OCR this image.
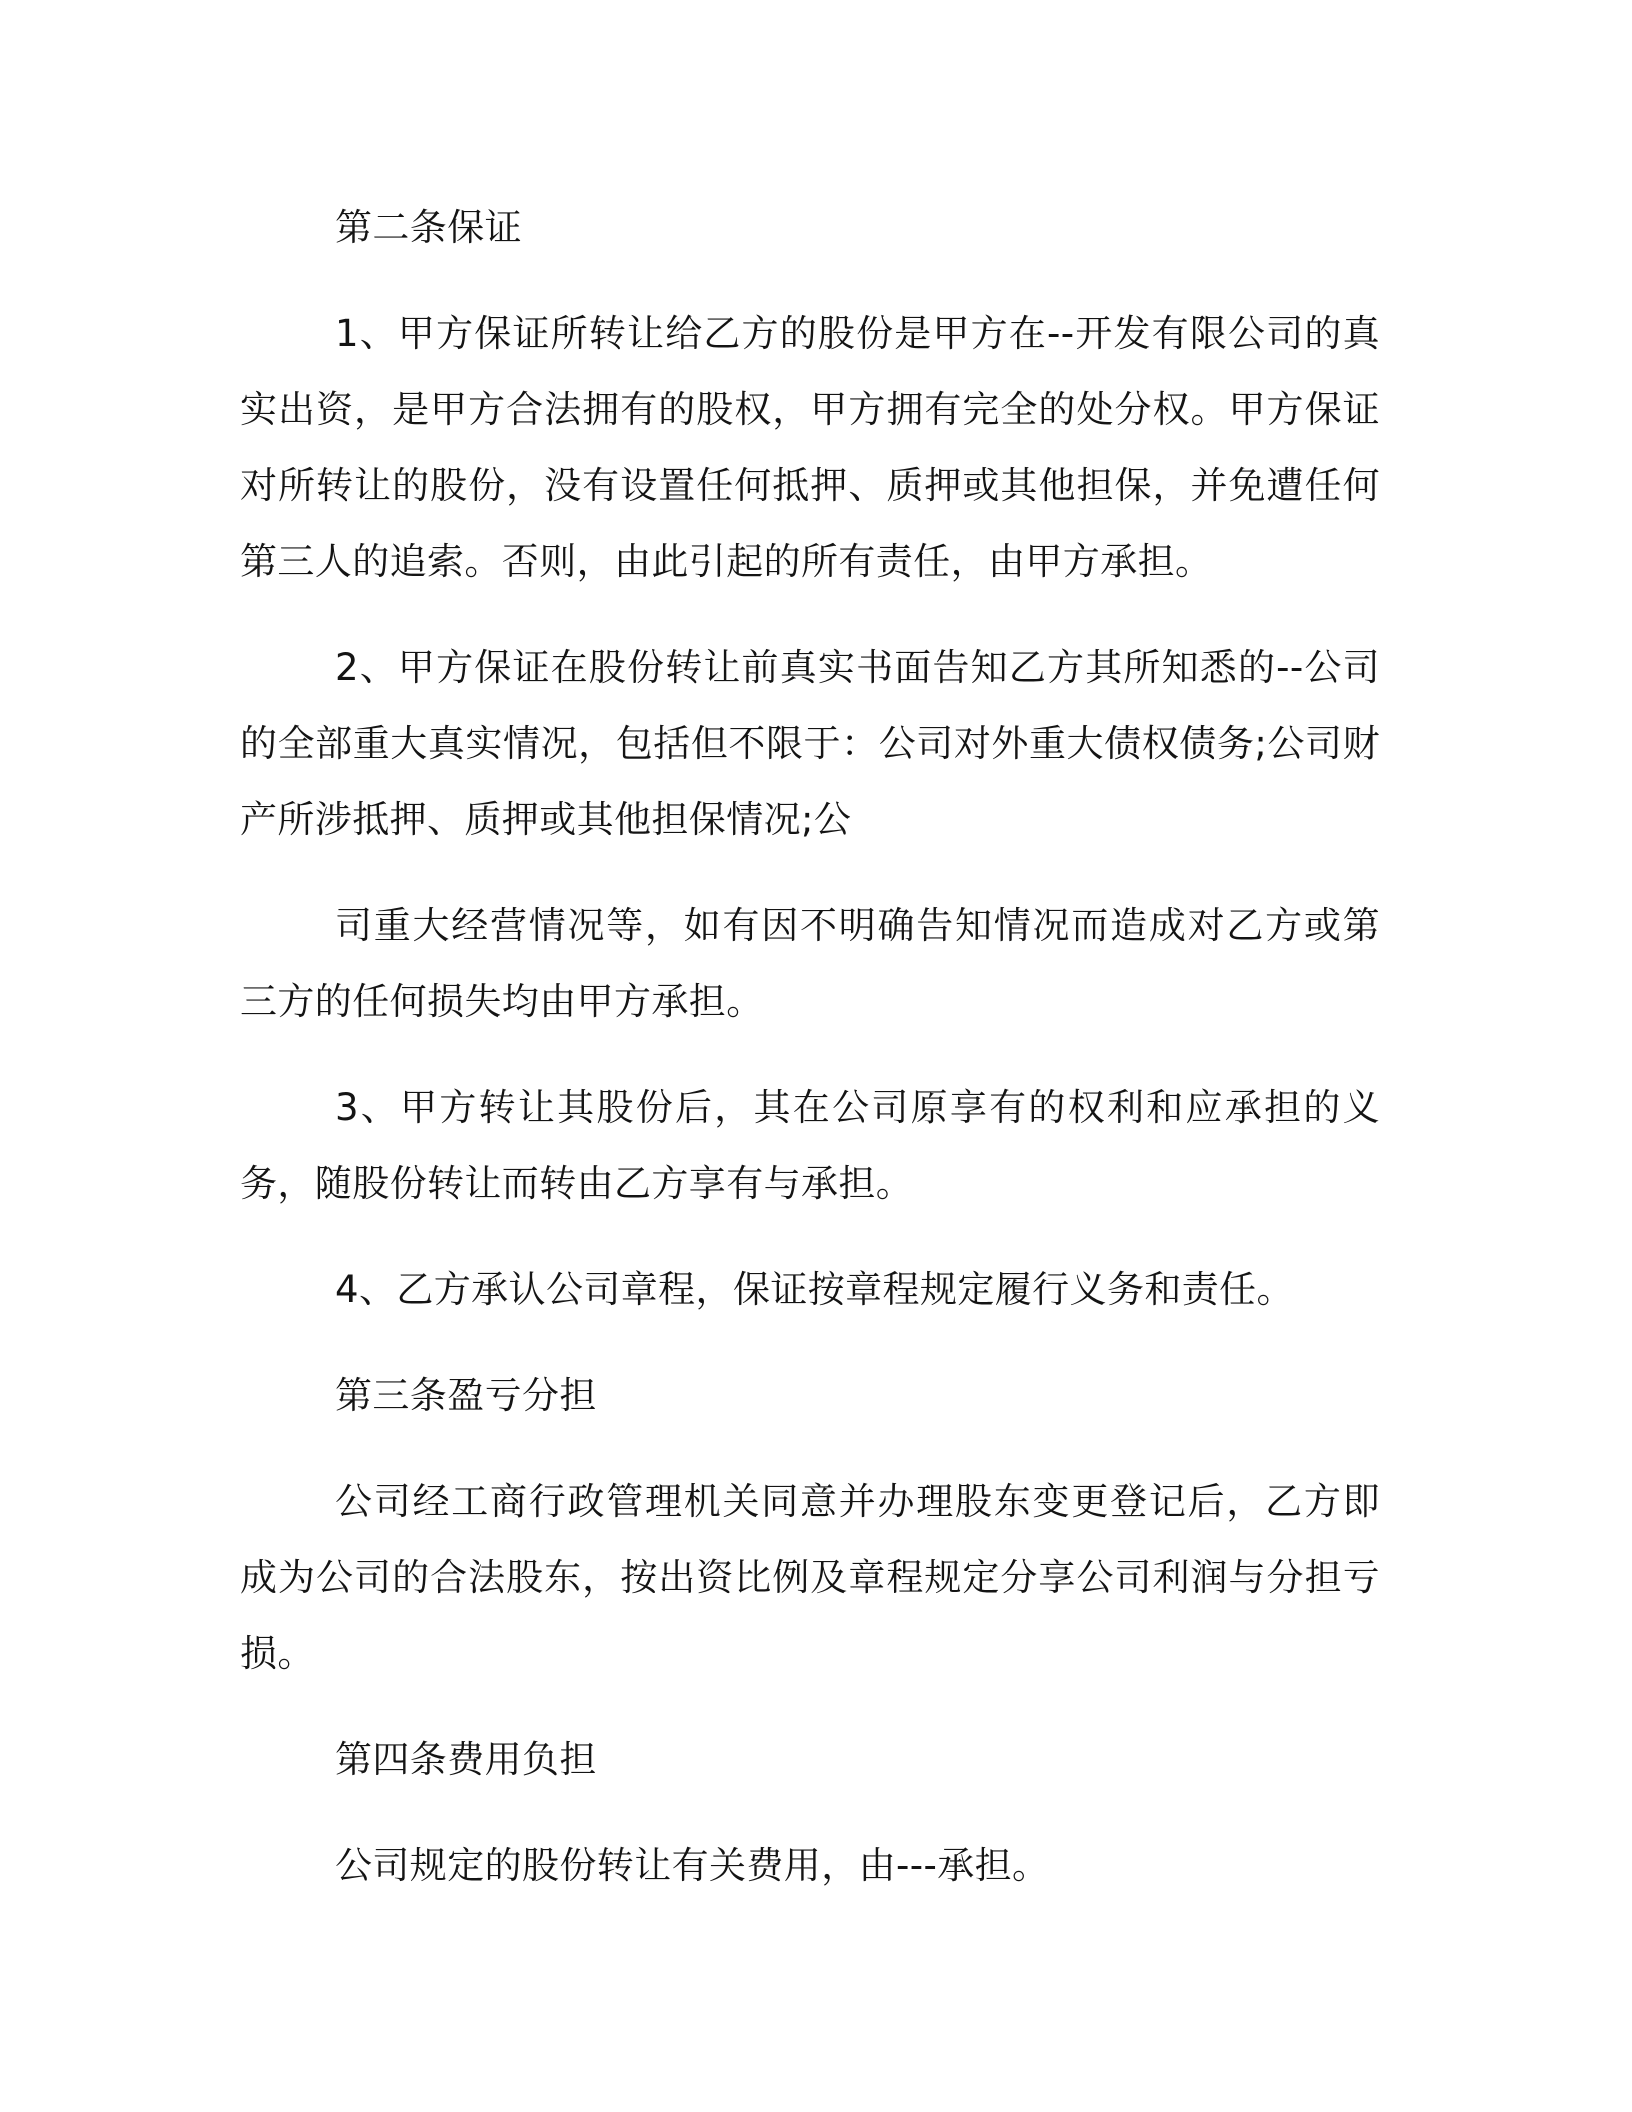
第二条保证

1、甲方保证所转让给乙方的股份是甲方在--开发有限公司的真实出资，是甲方合法拥有的股权，甲方拥有完全的处分权。甲方保证对所转让的股份，没有设置任何抵押、质押或其他担保，并免遭任何第三人的追索。否则，由此引起的所有责任，由甲方承担。

2、甲方保证在股份转让前真实书面告知乙方其所知悉的--公司的全部重大真实情况，包括但不限于：公司对外重大债权债务;公司财产所涉抵押、质押或其他担保情况;公

司重大经营情况等，如有因不明确告知情况而造成对乙方或第三方的任何损失均由甲方承担。

3、甲方转让其股份后，其在公司原享有的权利和应承担的义务，随股份转让而转由乙方享有与承担。

4、乙方承认公司章程，保证按章程规定履行义务和责任。

第三条盈亏分担

公司经工商行政管理机关同意并办理股东变更登记后，乙方即成为公司的合法股东，按出资比例及章程规定分享公司利润与分担亏损。

第四条费用负担

公司规定的股份转让有关费用，由---承担。
